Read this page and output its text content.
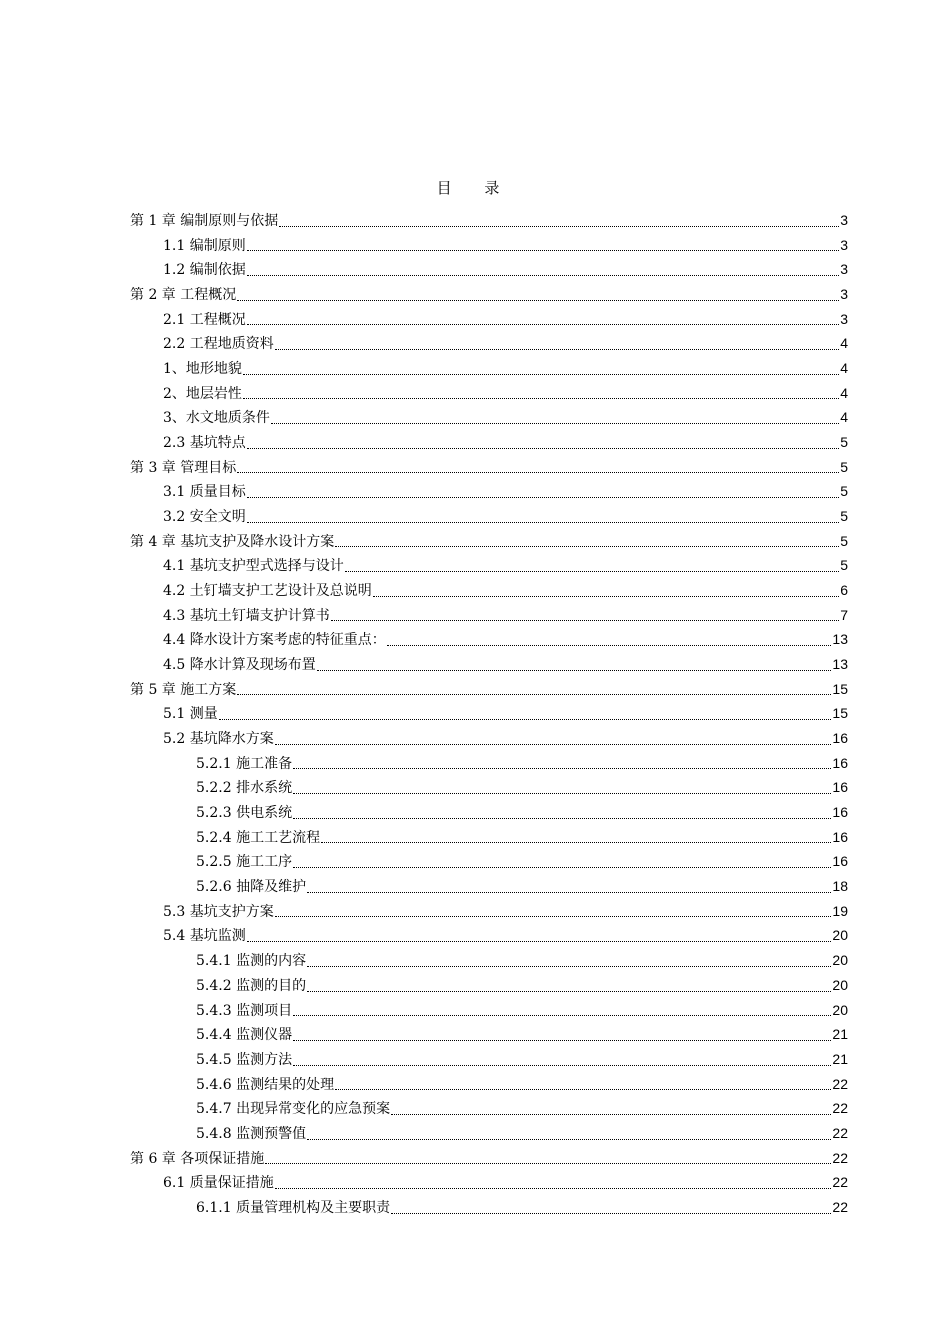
目 录
第 1 章 编制原则与依据	3
1.1 编制原则	3
1.2 编制依据	3
第 2 章 工程概况	3
2.1 工程概况	3
2.2 工程地质资料	4
1、地形地貌	4
2、地层岩性	4
3、水文地质条件	4
2.3 基坑特点	5
第 3 章 管理目标	5
3.1 质量目标	5
3.2 安全文明	5
第 4 章 基坑支护及降水设计方案	5
4.1 基坑支护型式选择与设计	5
4.2 土钉墙支护工艺设计及总说明	6
4.3 基坑土钉墙支护计算书	7
4.4 降水设计方案考虑的特征重点：	13
4.5 降水计算及现场布置	13
第 5 章 施工方案	15
5.1 测量	15
5.2 基坑降水方案	16
5.2.1 施工准备	16
5.2.2 排水系统	16
5.2.3 供电系统	16
5.2.4 施工工艺流程	16
5.2.5 施工工序	16
5.2.6 抽降及维护	18
5.3 基坑支护方案	19
5.4 基坑监测	20
5.4.1 监测的内容	20
5.4.2 监测的目的	20
5.4.3 监测项目	20
5.4.4 监测仪器	21
5.4.5 监测方法	21
5.4.6 监测结果的处理	22
5.4.7 出现异常变化的应急预案	22
5.4.8 监测预警值	22
第 6 章 各项保证措施	22
6.1 质量保证措施	22
6.1.1 质量管理机构及主要职责	22
